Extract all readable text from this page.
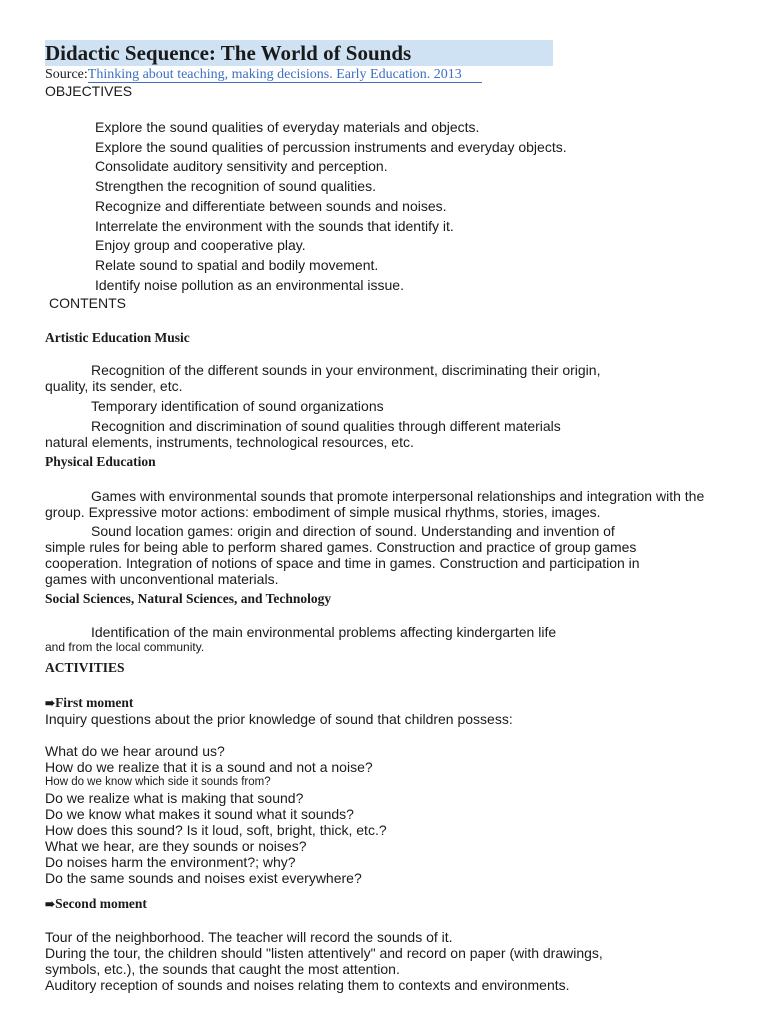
Didactic Sequence: The World of Sounds
Source:Thinking about teaching, making decisions. Early Education. 2013
OBJECTIVES
Explore the sound qualities of everyday materials and objects.
Explore the sound qualities of percussion instruments and everyday objects.
Consolidate auditory sensitivity and perception.
Strengthen the recognition of sound qualities.
Recognize and differentiate between sounds and noises.
Interrelate the environment with the sounds that identify it.
Enjoy group and cooperative play.
Relate sound to spatial and bodily movement.
Identify noise pollution as an environmental issue.
CONTENTS
Artistic Education Music
Recognition of the different sounds in your environment, discriminating their origin,
quality, its sender, etc.
Temporary identification of sound organizations
Recognition and discrimination of sound qualities through different materials
natural elements, instruments, technological resources, etc.
Physical Education
Games with environmental sounds that promote interpersonal relationships and integration with the
group. Expressive motor actions: embodiment of simple musical rhythms, stories, images.
Sound location games: origin and direction of sound. Understanding and invention of
simple rules for being able to perform shared games. Construction and practice of group games
cooperation. Integration of notions of space and time in games. Construction and participation in
games with unconventional materials.
Social Sciences, Natural Sciences, and Technology
Identification of the main environmental problems affecting kindergarten life
and from the local community.
ACTIVITIES
➠ First moment
Inquiry questions about the prior knowledge of sound that children possess:
What do we hear around us?
How do we realize that it is a sound and not a noise?
How do we know which side it sounds from?
Do we realize what is making that sound?
Do we know what makes it sound what it sounds?
How does this sound? Is it loud, soft, bright, thick, etc.?
What we hear, are they sounds or noises?
Do noises harm the environment?; why?
Do the same sounds and noises exist everywhere?
➠ Second moment
Tour of the neighborhood. The teacher will record the sounds of it.
During the tour, the children should "listen attentively" and record on paper (with drawings,
symbols, etc.), the sounds that caught the most attention.
Auditory reception of sounds and noises relating them to contexts and environments.
